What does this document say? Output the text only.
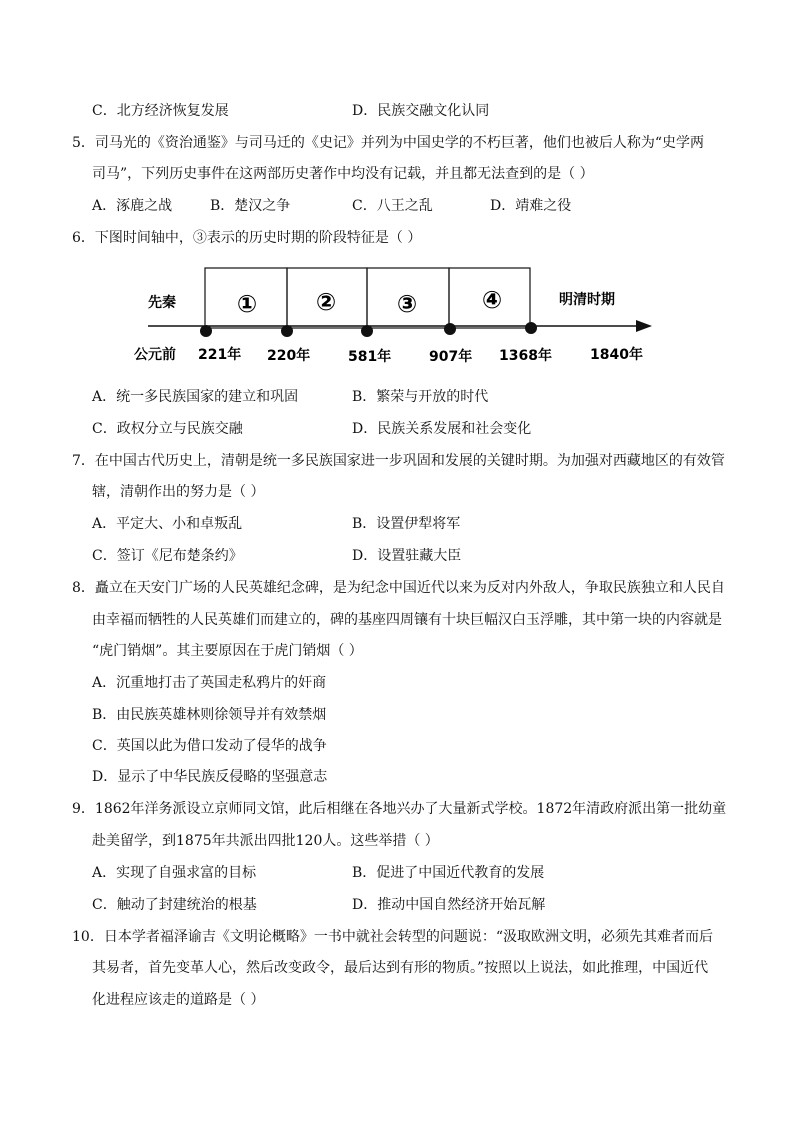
C．北方经济恢复发展	D．民族交融文化认同
5．司马光的《资治通鉴》与司马迁的《史记》并列为中国史学的不朽巨著，他们也被后人称为“史学两
司马”，下列历史事件在这两部历史著作中均没有记载，并且都无法查到的是（ ）
A．涿鹿之战	B．楚汉之争	C．八王之乱	D．靖难之役
6．下图时间轴中，③表示的历史时期的阶段特征是（ ）
① ②	③	④
先秦	明清时期
公元前 221年 220年	581年	907年 1368年	1840年
A．统一多民族国家的建立和巩固	B．繁荣与开放的时代
C．政权分立与民族交融	D．民族关系发展和社会变化
7．在中国古代历史上，清朝是统一多民族国家进一步巩固和发展的关键时期。为加强对西藏地区的有效管
辖，清朝作出的努力是（ ）
A．平定大、小和卓叛乱	B．设置伊犁将军
C．签订《尼布楚条约》	D．设置驻藏大臣
8．矗立在天安门广场的人民英雄纪念碑，是为纪念中国近代以来为反对内外敌人，争取民族独立和人民自
由幸福而牺牲的人民英雄们而建立的，碑的基座四周镶有十块巨幅汉白玉浮雕，其中第一块的内容就是
“虎门销烟”。其主要原因在于虎门销烟（ ）
A．沉重地打击了英国走私鸦片的奸商
B．由民族英雄林则徐领导并有效禁烟
C．英国以此为借口发动了侵华的战争
D．显示了中华民族反侵略的坚强意志
9．1862年洋务派设立京师同文馆，此后相继在各地兴办了大量新式学校。1872年清政府派出第一批幼童
赴美留学，到1875年共派出四批120人。这些举措（ ）
A．实现了自强求富的目标	B．促进了中国近代教育的发展
C．触动了封建统治的根基	D．推动中国自然经济开始瓦解
10．日本学者福泽谕吉《文明论概略》一书中就社会转型的问题说：“汲取欧洲文明，必须先其难者而后
其易者，首先变革人心，然后改变政令，最后达到有形的物质。”按照以上说法，如此推理，中国近代
化进程应该走的道路是（ ）
